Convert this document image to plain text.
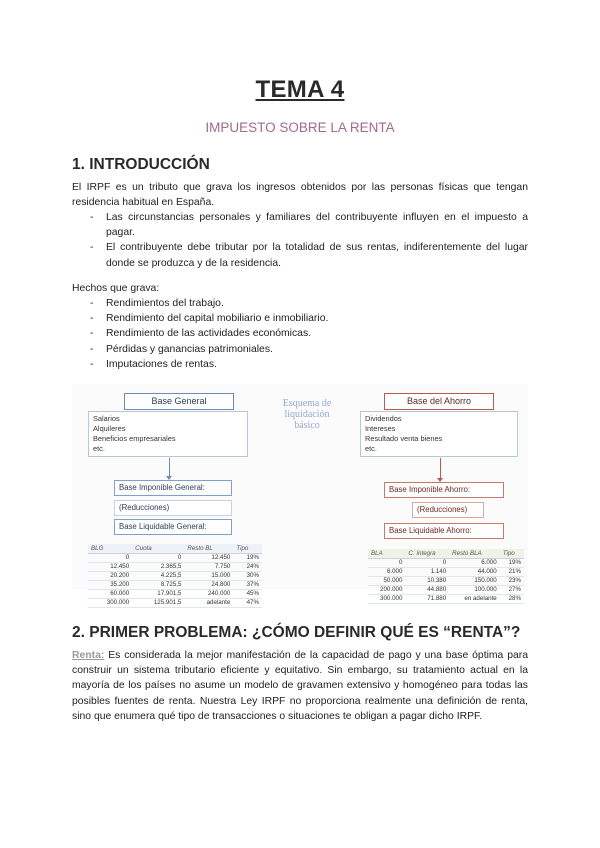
TEMA 4
IMPUESTO SOBRE LA RENTA
1. INTRODUCCIÓN
El IRPF es un tributo que grava los ingresos obtenidos por las personas físicas que tengan residencia habitual en España.
- Las circunstancias personales y familiares del contribuyente influyen en el impuesto a pagar.
- El contribuyente debe tributar por la totalidad de sus rentas, indiferentemente del lugar donde se produzca y de la residencia.
Hechos que grava:
- Rendimientos del trabajo.
- Rendimiento del capital mobiliario e inmobiliario.
- Rendimiento de las actividades económicas.
- Pérdidas y ganancias patrimoniales.
- Imputaciones de rentas.
Base General
Salarios
Alquileres
Beneficios empresariales
etc.
Base Imponible General:
(Reducciones)
Base Liquidable General:
BLG	Cuota	Resto BL	Tipo
0	0	12.450	19%
12.450	2.365,5	7.750	24%
20.200	4.225,5	15.000	30%
35.200	8.725,5	24.800	37%
60.000	17.901,5	240.000	45%
300.000	125.901,5	adelante	47%
Esquema de liquidación básico
Base del Ahorro
Dividendos
Intereses
Resultado venta bienes
etc.
Base Imponible Ahorro:
(Reducciones)
Base Liquidable Ahorro:
BLA	C. íntegra	Resto BLA	Tipo
0	0	6.000	19%
6.000	1.140	44.000	21%
50.000	10.380	150.000	23%
200.000	44.880	100.000	27%
300.000	71.880	en adelante	28%
2. PRIMER PROBLEMA: ¿CÓMO DEFINIR QUÉ ES “RENTA”?
Renta: Es considerada la mejor manifestación de la capacidad de pago y una base óptima para construir un sistema tributario eficiente y equitativo. Sin embargo, su tratamiento actual en la mayoría de los países no asume un modelo de gravamen extensivo y homogéneo para todas las posibles fuentes de renta. Nuestra Ley IRPF no proporciona realmente una definición de renta, sino que enumera qué tipo de transacciones o situaciones te obligan a pagar dicho IRPF.
